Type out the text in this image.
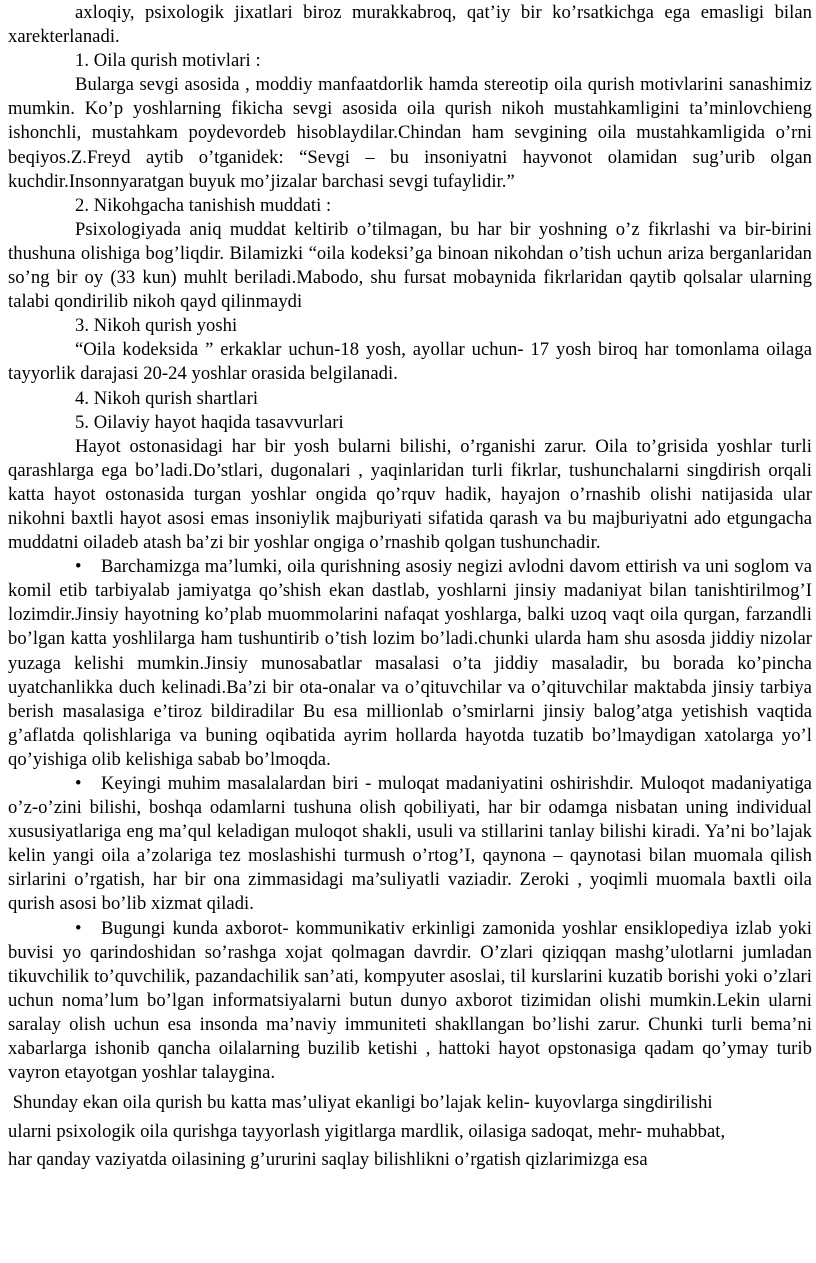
axloqiy, psixologik jixatlari biroz murakkabroq, qat’iy bir ko’rsatkichga ega emasligi bilan xarekterlanadi.

1. Oila qurish motivlari :

Bularga sevgi asosida , moddiy manfaatdorlik hamda stereotip oila qurish motivlarini sanashimiz mumkin. Ko’p yoshlarning fikicha sevgi asosida oila qurish nikoh mustahkamligini ta’minlovchieng ishonchli, mustahkam poydevordeb hisoblaydilar.Chindan ham sevgining oila mustahkamligida o’rni beqiyos.Z.Freyd aytib o’tganidek: “Sevgi – bu insoniyatni hayvonot olamidan sug’urib olgan kuchdir.Insonnyaratgan buyuk mo’jizalar barchasi sevgi tufaylidir.”

2. Nikohgacha tanishish muddati :

Psixologiyada aniq muddat keltirib o’tilmagan, bu har bir yoshning o’z fikrlashi va bir-birini thushuna olishiga bog’liqdir. Bilamizki “oila kodeksi’ga binoan nikohdan o’tish uchun ariza berganlaridan so’ng bir oy (33 kun) muhlt beriladi.Mabodo, shu fursat mobaynida fikrlaridan qaytib qolsalar ularning talabi qondirilib nikoh qayd qilinmaydi

3. Nikoh qurish yoshi

“Oila kodeksida ” erkaklar uchun-18 yosh, ayollar uchun- 17 yosh biroq har tomonlama oilaga tayyorlik darajasi 20-24 yoshlar orasida belgilanadi.

4. Nikoh qurish shartlari

5. Oilaviy hayot haqida tasavvurlari

Hayot ostonasidagi har bir yosh bularni bilishi, o’rganishi zarur. Oila to’grisida yoshlar turli qarashlarga ega bo’ladi.Do’stlari, dugonalari , yaqinlaridan turli fikrlar, tushunchalarni singdirish orqali katta hayot ostonasida turgan yoshlar ongida qo’rquv hadik, hayajon o’rnashib olishi natijasida ular nikohni baxtli hayot asosi emas insoniylik majburiyati sifatida qarash va bu majburiyatni ado etgungacha muddatni oiladeb atash ba’zi bir yoshlar ongiga o’rnashib qolgan tushunchadir.

• Barchamizga ma’lumki, oila qurishning asosiy negizi avlodni davom ettirish va uni soglom va komil etib tarbiyalab jamiyatga qo’shish ekan dastlab, yoshlarni jinsiy madaniyat bilan tanishtirilmog’I lozimdir.Jinsiy hayotning ko’plab muommolarini nafaqat yoshlarga, balki uzoq vaqt oila qurgan, farzandli bo’lgan katta yoshlilarga ham tushuntirib o’tish lozim bo’ladi.chunki ularda ham shu asosda jiddiy nizolar yuzaga kelishi mumkin.Jinsiy munosabatlar masalasi o’ta jiddiy masaladir, bu borada ko’pincha uyatchanlikka duch kelinadi.Ba’zi bir ota-onalar va o’qituvchilar va o’qituvchilar maktabda jinsiy tarbiya berish masalasiga e’tiroz bildiradilar Bu esa millionlab o’smirlarni jinsiy balog’atga yetishish vaqtida g’aflatda qolishlariga va buning oqibatida ayrim hollarda hayotda tuzatib bo’lmaydigan xatolarga yo’l qo’yishiga olib kelishiga sabab bo’lmoqda.

• Keyingi muhim masalalardan biri - muloqat madaniyatini oshirishdir. Muloqot madaniyatiga o’z-o’zini bilishi, boshqa odamlarni tushuna olish qobiliyati, har bir odamga nisbatan uning individual xususiyatlariga eng ma’qul keladigan muloqot shakli, usuli va stillarini tanlay bilishi kiradi. Ya’ni bo’lajak kelin yangi oila a’zolariga tez moslashishi turmush o’rtog’I, qaynona – qaynotasi bilan muomala qilish sirlarini o’rgatish, har bir ona zimmasidagi ma’suliyatli vaziadir. Zeroki , yoqimli muomala baxtli oila qurish asosi bo’lib xizmat qiladi.

• Bugungi kunda axborot- kommunikativ erkinligi zamonida yoshlar ensiklopediya izlab yoki buvisi yo qarindoshidan so’rashga xojat qolmagan davrdir. O’zlari qiziqqan mashg’ulotlarni jumladan tikuvchilik to’quvchilik, pazandachilik san’ati, kompyuter asoslai, til kurslarini kuzatib borishi yoki o’zlari uchun noma’lum bo’lgan informatsiyalarni butun dunyo axborot tizimidan olishi mumkin.Lekin ularni saralay olish uchun esa insonda ma’naviy immuniteti shakllangan bo’lishi zarur. Chunki turli bema’ni xabarlarga ishonib qancha oilalarning buzilib ketishi , hattoki hayot opstonasiga qadam qo’ymay turib vayron etayotgan yoshlar talaygina.

Shunday ekan oila qurish bu katta mas’uliyat ekanligi bo’lajak kelin- kuyovlarga singdirilishi
ularni psixologik oila qurishga tayyorlash yigitlarga mardlik, oilasiga sadoqat, mehr- muhabbat,
har qanday vaziyatda oilasining g’ururini saqlay bilishlikni o’rgatish qizlarimizga esa
